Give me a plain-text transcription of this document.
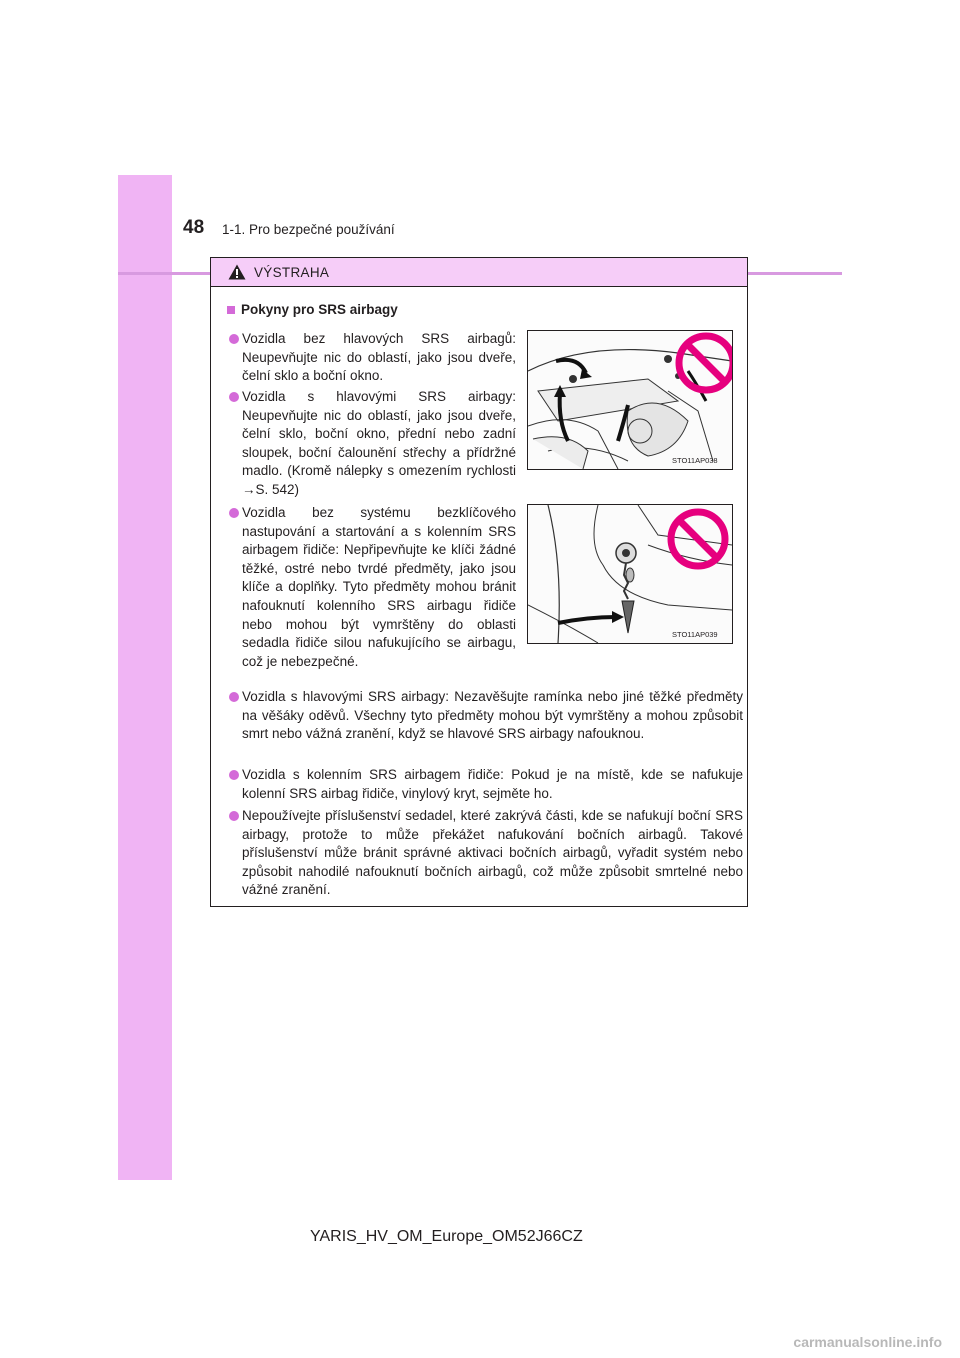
48 1-1. Pro bezpečné používání
VÝSTRAHA
Pokyny pro SRS airbagy
Vozidla bez hlavových SRS airbagů: Neupevňujte nic do oblastí, jako jsou dveře, čelní sklo a boční okno.
Vozidla s hlavovými SRS airbagy: Neupevňujte nic do oblastí, jako jsou dveře, čelní sklo, boční okno, přední nebo zadní sloupek, boční čalounění střechy a přídržné madlo. (Kromě nálepky s omezením rychlosti →S. 542)
STO11AP038
Vozidla bez systému bezklíčového nastupování a startování a s kolenním SRS airbagem řidiče: Nepřipevňujte ke klíči žádné těžké, ostré nebo tvrdé předměty, jako jsou klíče a doplňky. Tyto předměty mohou bránit nafouknutí kolenního SRS airbagu řidiče nebo mohou být vymrštěny do oblasti sedadla řidiče silou nafukujícího se airbagu, což je nebezpečné.
STO11AP039
Vozidla s hlavovými SRS airbagy: Nezavěšujte ramínka nebo jiné těžké předměty na věšáky oděvů. Všechny tyto předměty mohou být vymrštěny a mohou způsobit smrt nebo vážná zranění, když se hlavové SRS airbagy nafouknou.
Vozidla s kolenním SRS airbagem řidiče: Pokud je na místě, kde se nafukuje kolenní SRS airbag řidiče, vinylový kryt, sejměte ho.
Nepoužívejte příslušenství sedadel, které zakrývá části, kde se nafukují boční SRS airbagy, protože to může překážet nafukování bočních airbagů. Takové příslušenství může bránit správné aktivaci bočních airbagů, vyřadit systém nebo způsobit nahodilé nafouknutí bočních airbagů, což může způsobit smrtelné nebo vážné zranění.
YARIS_HV_OM_Europe_OM52J66CZ
carmanualsonline.info
